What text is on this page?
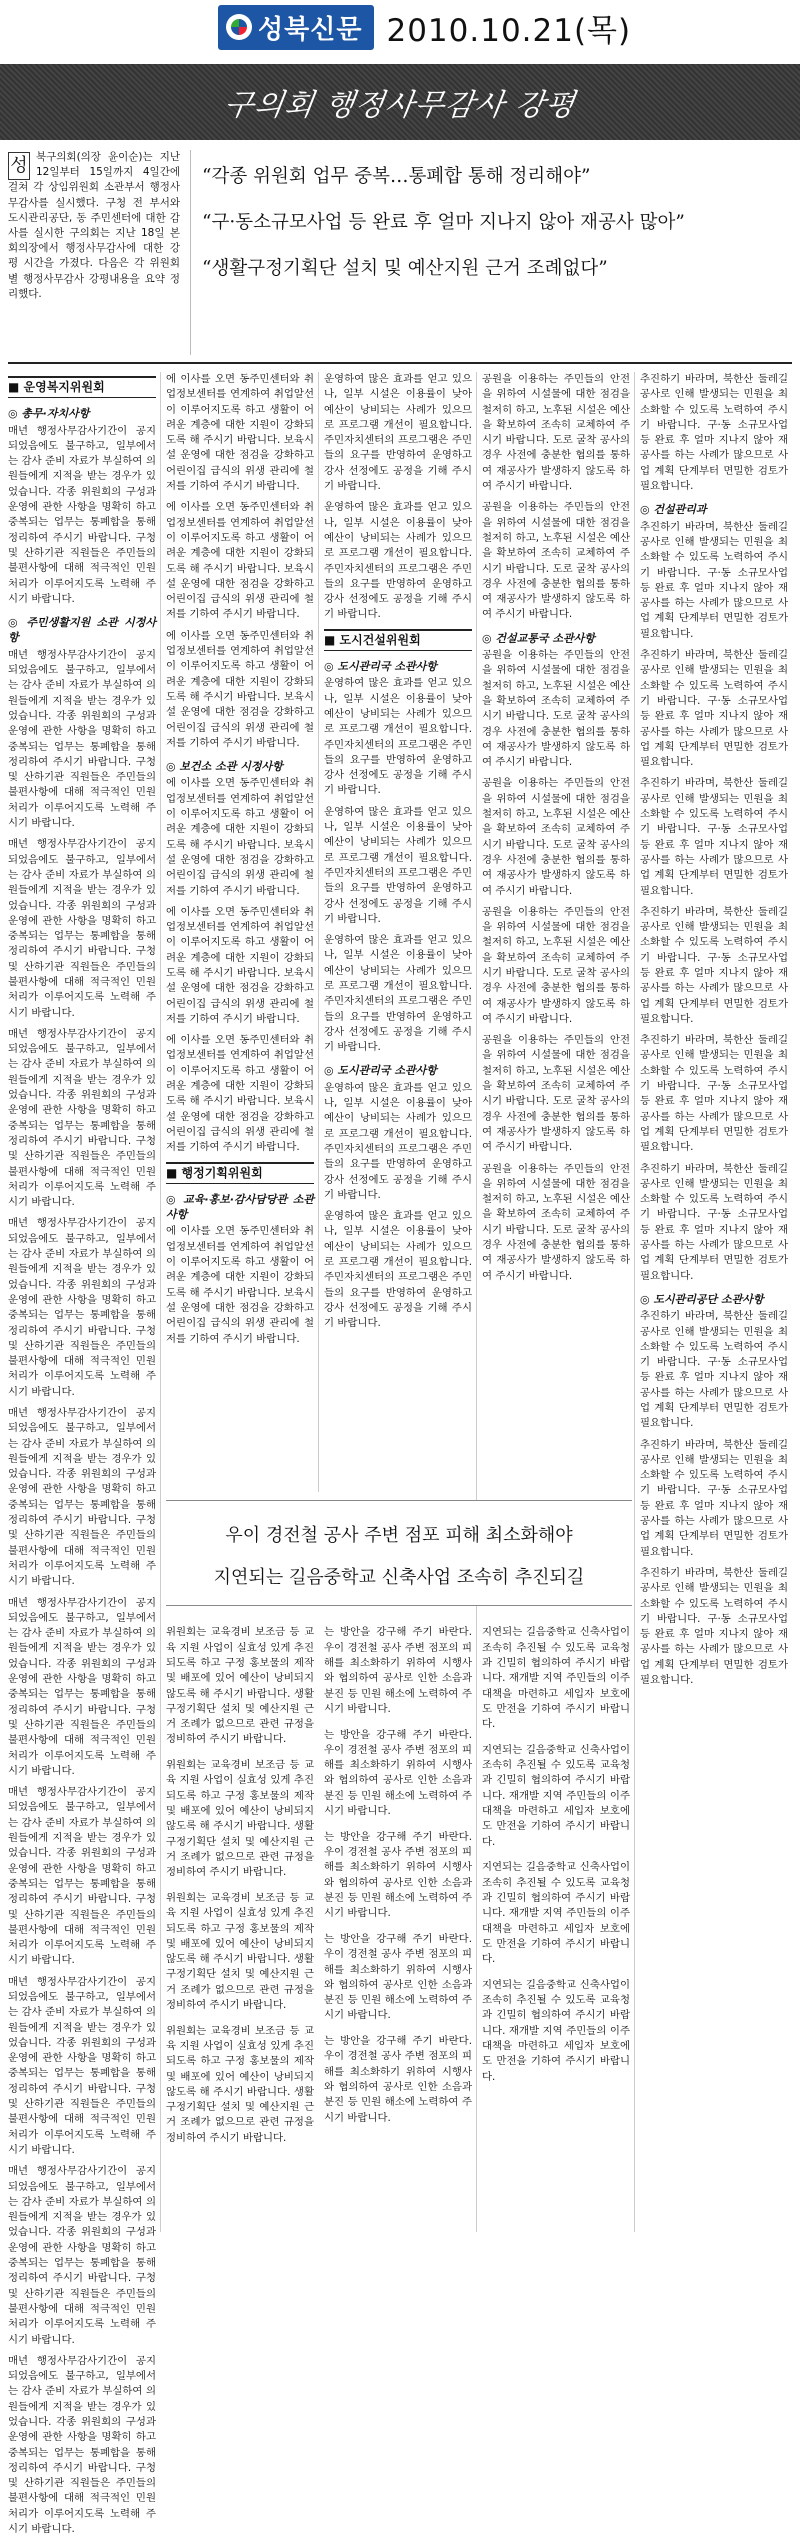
성북신문 2010.10.21(목)
구의회 행정사무감사 강평
성 북구의회(의장 윤이순)는 지난 12일부터 15일까지 4일간에 걸쳐 각 상임위원회 소관부서 행정사무감사를 실시했다. 구청 전 부서와 도시관리공단, 동 주민센터에 대한 감사를 실시한 구의회는 지난 18일 본회의장에서 행정사무감사에 대한 강평 시간을 가졌다. 다음은 각 위원회별 행정사무감사 강평내용을 요약 정리했다.
“각종 위원회 업무 중복…통폐합 통해 정리해야”
“구·동소규모사업 등 완료 후 얼마 지나지 않아 재공사 많아”
“생활구정기획단 설치 및 예산지원 근거 조례없다”
■ 운영복지위원회
◎ 총무·자치사항

매년 행정사무감사기간이 공지 되었음에도 불구하고, 일부에서는 감사 준비 자료가 부실하여 의원들에게 지적을 받는 경우가 있었습니다. 각종 위원회의 구성과 운영에 관한 사항을 명확히 하고 중복되는 업무는 통폐합을 통해 정리하여 주시기 바랍니다. 구청 및 산하기관 직원들은 주민들의 불편사항에 대해 적극적인 민원 처리가 이루어지도록 노력해 주시기 바랍니다.

◎ 주민생활지원 소관 시정사항

매년 행정사무감사기간이 공지 되었음에도 불구하고, 일부에서는 감사 준비 자료가 부실하여 의원들에게 지적을 받는 경우가 있었습니다. 각종 위원회의 구성과 운영에 관한 사항을 명확히 하고 중복되는 업무는 통폐합을 통해 정리하여 주시기 바랍니다. 구청 및 산하기관 직원들은 주민들의 불편사항에 대해 적극적인 민원 처리가 이루어지도록 노력해 주시기 바랍니다.

매년 행정사무감사기간이 공지 되었음에도 불구하고, 일부에서는 감사 준비 자료가 부실하여 의원들에게 지적을 받는 경우가 있었습니다. 각종 위원회의 구성과 운영에 관한 사항을 명확히 하고 중복되는 업무는 통폐합을 통해 정리하여 주시기 바랍니다. 구청 및 산하기관 직원들은 주민들의 불편사항에 대해 적극적인 민원 처리가 이루어지도록 노력해 주시기 바랍니다.

매년 행정사무감사기간이 공지 되었음에도 불구하고, 일부에서는 감사 준비 자료가 부실하여 의원들에게 지적을 받는 경우가 있었습니다. 각종 위원회의 구성과 운영에 관한 사항을 명확히 하고 중복되는 업무는 통폐합을 통해 정리하여 주시기 바랍니다. 구청 및 산하기관 직원들은 주민들의 불편사항에 대해 적극적인 민원 처리가 이루어지도록 노력해 주시기 바랍니다.

매년 행정사무감사기간이 공지 되었음에도 불구하고, 일부에서는 감사 준비 자료가 부실하여 의원들에게 지적을 받는 경우가 있었습니다. 각종 위원회의 구성과 운영에 관한 사항을 명확히 하고 중복되는 업무는 통폐합을 통해 정리하여 주시기 바랍니다. 구청 및 산하기관 직원들은 주민들의 불편사항에 대해 적극적인 민원 처리가 이루어지도록 노력해 주시기 바랍니다.

매년 행정사무감사기간이 공지 되었음에도 불구하고, 일부에서는 감사 준비 자료가 부실하여 의원들에게 지적을 받는 경우가 있었습니다. 각종 위원회의 구성과 운영에 관한 사항을 명확히 하고 중복되는 업무는 통폐합을 통해 정리하여 주시기 바랍니다. 구청 및 산하기관 직원들은 주민들의 불편사항에 대해 적극적인 민원 처리가 이루어지도록 노력해 주시기 바랍니다.

매년 행정사무감사기간이 공지 되었음에도 불구하고, 일부에서는 감사 준비 자료가 부실하여 의원들에게 지적을 받는 경우가 있었습니다. 각종 위원회의 구성과 운영에 관한 사항을 명확히 하고 중복되는 업무는 통폐합을 통해 정리하여 주시기 바랍니다. 구청 및 산하기관 직원들은 주민들의 불편사항에 대해 적극적인 민원 처리가 이루어지도록 노력해 주시기 바랍니다.

매년 행정사무감사기간이 공지 되었음에도 불구하고, 일부에서는 감사 준비 자료가 부실하여 의원들에게 지적을 받는 경우가 있었습니다. 각종 위원회의 구성과 운영에 관한 사항을 명확히 하고 중복되는 업무는 통폐합을 통해 정리하여 주시기 바랍니다. 구청 및 산하기관 직원들은 주민들의 불편사항에 대해 적극적인 민원 처리가 이루어지도록 노력해 주시기 바랍니다.

매년 행정사무감사기간이 공지 되었음에도 불구하고, 일부에서는 감사 준비 자료가 부실하여 의원들에게 지적을 받는 경우가 있었습니다. 각종 위원회의 구성과 운영에 관한 사항을 명확히 하고 중복되는 업무는 통폐합을 통해 정리하여 주시기 바랍니다. 구청 및 산하기관 직원들은 주민들의 불편사항에 대해 적극적인 민원 처리가 이루어지도록 노력해 주시기 바랍니다.

매년 행정사무감사기간이 공지 되었음에도 불구하고, 일부에서는 감사 준비 자료가 부실하여 의원들에게 지적을 받는 경우가 있었습니다. 각종 위원회의 구성과 운영에 관한 사항을 명확히 하고 중복되는 업무는 통폐합을 통해 정리하여 주시기 바랍니다. 구청 및 산하기관 직원들은 주민들의 불편사항에 대해 적극적인 민원 처리가 이루어지도록 노력해 주시기 바랍니다.

매년 행정사무감사기간이 공지 되었음에도 불구하고, 일부에서는 감사 준비 자료가 부실하여 의원들에게 지적을 받는 경우가 있었습니다. 각종 위원회의 구성과 운영에 관한 사항을 명확히 하고 중복되는 업무는 통폐합을 통해 정리하여 주시기 바랍니다. 구청 및 산하기관 직원들은 주민들의 불편사항에 대해 적극적인 민원 처리가 이루어지도록 노력해 주시기 바랍니다.

에 이사를 오면 동주민센터와 취업정보센터를 연계하여 취업알선이 이루어지도록 하고 생활이 어려운 계층에 대한 지원이 강화되도록 해 주시기 바랍니다. 보육시설 운영에 대한 점검을 강화하고 어린이집 급식의 위생 관리에 철저를 기하여 주시기 바랍니다.

에 이사를 오면 동주민센터와 취업정보센터를 연계하여 취업알선이 이루어지도록 하고 생활이 어려운 계층에 대한 지원이 강화되도록 해 주시기 바랍니다. 보육시설 운영에 대한 점검을 강화하고 어린이집 급식의 위생 관리에 철저를 기하여 주시기 바랍니다.

에 이사를 오면 동주민센터와 취업정보센터를 연계하여 취업알선이 이루어지도록 하고 생활이 어려운 계층에 대한 지원이 강화되도록 해 주시기 바랍니다. 보육시설 운영에 대한 점검을 강화하고 어린이집 급식의 위생 관리에 철저를 기하여 주시기 바랍니다.

◎ 보건소 소관 시정사항

에 이사를 오면 동주민센터와 취업정보센터를 연계하여 취업알선이 이루어지도록 하고 생활이 어려운 계층에 대한 지원이 강화되도록 해 주시기 바랍니다. 보육시설 운영에 대한 점검을 강화하고 어린이집 급식의 위생 관리에 철저를 기하여 주시기 바랍니다.

에 이사를 오면 동주민센터와 취업정보센터를 연계하여 취업알선이 이루어지도록 하고 생활이 어려운 계층에 대한 지원이 강화되도록 해 주시기 바랍니다. 보육시설 운영에 대한 점검을 강화하고 어린이집 급식의 위생 관리에 철저를 기하여 주시기 바랍니다.

에 이사를 오면 동주민센터와 취업정보센터를 연계하여 취업알선이 이루어지도록 하고 생활이 어려운 계층에 대한 지원이 강화되도록 해 주시기 바랍니다. 보육시설 운영에 대한 점검을 강화하고 어린이집 급식의 위생 관리에 철저를 기하여 주시기 바랍니다.

■ 행정기획위원회
◎ 교육·홍보·감사담당관 소관사항

에 이사를 오면 동주민센터와 취업정보센터를 연계하여 취업알선이 이루어지도록 하고 생활이 어려운 계층에 대한 지원이 강화되도록 해 주시기 바랍니다. 보육시설 운영에 대한 점검을 강화하고 어린이집 급식의 위생 관리에 철저를 기하여 주시기 바랍니다.

운영하여 많은 효과를 얻고 있으나, 일부 시설은 이용률이 낮아 예산이 낭비되는 사례가 있으므로 프로그램 개선이 필요합니다. 주민자치센터의 프로그램은 주민들의 요구를 반영하여 운영하고 강사 선정에도 공정을 기해 주시기 바랍니다.

운영하여 많은 효과를 얻고 있으나, 일부 시설은 이용률이 낮아 예산이 낭비되는 사례가 있으므로 프로그램 개선이 필요합니다. 주민자치센터의 프로그램은 주민들의 요구를 반영하여 운영하고 강사 선정에도 공정을 기해 주시기 바랍니다.

■ 도시건설위원회
◎ 도시관리국 소관사항

운영하여 많은 효과를 얻고 있으나, 일부 시설은 이용률이 낮아 예산이 낭비되는 사례가 있으므로 프로그램 개선이 필요합니다. 주민자치센터의 프로그램은 주민들의 요구를 반영하여 운영하고 강사 선정에도 공정을 기해 주시기 바랍니다.

운영하여 많은 효과를 얻고 있으나, 일부 시설은 이용률이 낮아 예산이 낭비되는 사례가 있으므로 프로그램 개선이 필요합니다. 주민자치센터의 프로그램은 주민들의 요구를 반영하여 운영하고 강사 선정에도 공정을 기해 주시기 바랍니다.

운영하여 많은 효과를 얻고 있으나, 일부 시설은 이용률이 낮아 예산이 낭비되는 사례가 있으므로 프로그램 개선이 필요합니다. 주민자치센터의 프로그램은 주민들의 요구를 반영하여 운영하고 강사 선정에도 공정을 기해 주시기 바랍니다.

◎ 도시관리국 소관사항

운영하여 많은 효과를 얻고 있으나, 일부 시설은 이용률이 낮아 예산이 낭비되는 사례가 있으므로 프로그램 개선이 필요합니다. 주민자치센터의 프로그램은 주민들의 요구를 반영하여 운영하고 강사 선정에도 공정을 기해 주시기 바랍니다.

운영하여 많은 효과를 얻고 있으나, 일부 시설은 이용률이 낮아 예산이 낭비되는 사례가 있으므로 프로그램 개선이 필요합니다. 주민자치센터의 프로그램은 주민들의 요구를 반영하여 운영하고 강사 선정에도 공정을 기해 주시기 바랍니다.

공원을 이용하는 주민들의 안전을 위하여 시설물에 대한 점검을 철저히 하고, 노후된 시설은 예산을 확보하여 조속히 교체하여 주시기 바랍니다. 도로 굴착 공사의 경우 사전에 충분한 협의를 통하여 재공사가 발생하지 않도록 하여 주시기 바랍니다.

공원을 이용하는 주민들의 안전을 위하여 시설물에 대한 점검을 철저히 하고, 노후된 시설은 예산을 확보하여 조속히 교체하여 주시기 바랍니다. 도로 굴착 공사의 경우 사전에 충분한 협의를 통하여 재공사가 발생하지 않도록 하여 주시기 바랍니다.

◎ 건설교통국 소관사항

공원을 이용하는 주민들의 안전을 위하여 시설물에 대한 점검을 철저히 하고, 노후된 시설은 예산을 확보하여 조속히 교체하여 주시기 바랍니다. 도로 굴착 공사의 경우 사전에 충분한 협의를 통하여 재공사가 발생하지 않도록 하여 주시기 바랍니다.

공원을 이용하는 주민들의 안전을 위하여 시설물에 대한 점검을 철저히 하고, 노후된 시설은 예산을 확보하여 조속히 교체하여 주시기 바랍니다. 도로 굴착 공사의 경우 사전에 충분한 협의를 통하여 재공사가 발생하지 않도록 하여 주시기 바랍니다.

공원을 이용하는 주민들의 안전을 위하여 시설물에 대한 점검을 철저히 하고, 노후된 시설은 예산을 확보하여 조속히 교체하여 주시기 바랍니다. 도로 굴착 공사의 경우 사전에 충분한 협의를 통하여 재공사가 발생하지 않도록 하여 주시기 바랍니다.

공원을 이용하는 주민들의 안전을 위하여 시설물에 대한 점검을 철저히 하고, 노후된 시설은 예산을 확보하여 조속히 교체하여 주시기 바랍니다. 도로 굴착 공사의 경우 사전에 충분한 협의를 통하여 재공사가 발생하지 않도록 하여 주시기 바랍니다.

공원을 이용하는 주민들의 안전을 위하여 시설물에 대한 점검을 철저히 하고, 노후된 시설은 예산을 확보하여 조속히 교체하여 주시기 바랍니다. 도로 굴착 공사의 경우 사전에 충분한 협의를 통하여 재공사가 발생하지 않도록 하여 주시기 바랍니다.

추진하기 바라며, 북한산 둘레길 공사로 인해 발생되는 민원을 최소화할 수 있도록 노력하여 주시기 바랍니다. 구·동 소규모사업 등 완료 후 얼마 지나지 않아 재공사를 하는 사례가 많으므로 사업 계획 단계부터 면밀한 검토가 필요합니다.

◎ 건설관리과

추진하기 바라며, 북한산 둘레길 공사로 인해 발생되는 민원을 최소화할 수 있도록 노력하여 주시기 바랍니다. 구·동 소규모사업 등 완료 후 얼마 지나지 않아 재공사를 하는 사례가 많으므로 사업 계획 단계부터 면밀한 검토가 필요합니다.

추진하기 바라며, 북한산 둘레길 공사로 인해 발생되는 민원을 최소화할 수 있도록 노력하여 주시기 바랍니다. 구·동 소규모사업 등 완료 후 얼마 지나지 않아 재공사를 하는 사례가 많으므로 사업 계획 단계부터 면밀한 검토가 필요합니다.

추진하기 바라며, 북한산 둘레길 공사로 인해 발생되는 민원을 최소화할 수 있도록 노력하여 주시기 바랍니다. 구·동 소규모사업 등 완료 후 얼마 지나지 않아 재공사를 하는 사례가 많으므로 사업 계획 단계부터 면밀한 검토가 필요합니다.

추진하기 바라며, 북한산 둘레길 공사로 인해 발생되는 민원을 최소화할 수 있도록 노력하여 주시기 바랍니다. 구·동 소규모사업 등 완료 후 얼마 지나지 않아 재공사를 하는 사례가 많으므로 사업 계획 단계부터 면밀한 검토가 필요합니다.

추진하기 바라며, 북한산 둘레길 공사로 인해 발생되는 민원을 최소화할 수 있도록 노력하여 주시기 바랍니다. 구·동 소규모사업 등 완료 후 얼마 지나지 않아 재공사를 하는 사례가 많으므로 사업 계획 단계부터 면밀한 검토가 필요합니다.

추진하기 바라며, 북한산 둘레길 공사로 인해 발생되는 민원을 최소화할 수 있도록 노력하여 주시기 바랍니다. 구·동 소규모사업 등 완료 후 얼마 지나지 않아 재공사를 하는 사례가 많으므로 사업 계획 단계부터 면밀한 검토가 필요합니다.

◎ 도시관리공단 소관사항

추진하기 바라며, 북한산 둘레길 공사로 인해 발생되는 민원을 최소화할 수 있도록 노력하여 주시기 바랍니다. 구·동 소규모사업 등 완료 후 얼마 지나지 않아 재공사를 하는 사례가 많으므로 사업 계획 단계부터 면밀한 검토가 필요합니다.

추진하기 바라며, 북한산 둘레길 공사로 인해 발생되는 민원을 최소화할 수 있도록 노력하여 주시기 바랍니다. 구·동 소규모사업 등 완료 후 얼마 지나지 않아 재공사를 하는 사례가 많으므로 사업 계획 단계부터 면밀한 검토가 필요합니다.

추진하기 바라며, 북한산 둘레길 공사로 인해 발생되는 민원을 최소화할 수 있도록 노력하여 주시기 바랍니다. 구·동 소규모사업 등 완료 후 얼마 지나지 않아 재공사를 하는 사례가 많으므로 사업 계획 단계부터 면밀한 검토가 필요합니다.

우이 경전철 공사 주변 점포 피해 최소화해야
지연되는 길음중학교 신축사업 조속히 추진되길

위원회는 교육경비 보조금 등 교육 지원 사업이 실효성 있게 추진되도록 하고 구정 홍보물의 제작 및 배포에 있어 예산이 낭비되지 않도록 해 주시기 바랍니다. 생활구정기획단 설치 및 예산지원 근거 조례가 없으므로 관련 규정을 정비하여 주시기 바랍니다.

위원회는 교육경비 보조금 등 교육 지원 사업이 실효성 있게 추진되도록 하고 구정 홍보물의 제작 및 배포에 있어 예산이 낭비되지 않도록 해 주시기 바랍니다. 생활구정기획단 설치 및 예산지원 근거 조례가 없으므로 관련 규정을 정비하여 주시기 바랍니다.

위원회는 교육경비 보조금 등 교육 지원 사업이 실효성 있게 추진되도록 하고 구정 홍보물의 제작 및 배포에 있어 예산이 낭비되지 않도록 해 주시기 바랍니다. 생활구정기획단 설치 및 예산지원 근거 조례가 없으므로 관련 규정을 정비하여 주시기 바랍니다.

위원회는 교육경비 보조금 등 교육 지원 사업이 실효성 있게 추진되도록 하고 구정 홍보물의 제작 및 배포에 있어 예산이 낭비되지 않도록 해 주시기 바랍니다. 생활구정기획단 설치 및 예산지원 근거 조례가 없으므로 관련 규정을 정비하여 주시기 바랍니다.

는 방안을 강구해 주기 바란다. 우이 경전철 공사 주변 점포의 피해를 최소화하기 위하여 시행사와 협의하여 공사로 인한 소음과 분진 등 민원 해소에 노력하여 주시기 바랍니다.

는 방안을 강구해 주기 바란다. 우이 경전철 공사 주변 점포의 피해를 최소화하기 위하여 시행사와 협의하여 공사로 인한 소음과 분진 등 민원 해소에 노력하여 주시기 바랍니다.

는 방안을 강구해 주기 바란다. 우이 경전철 공사 주변 점포의 피해를 최소화하기 위하여 시행사와 협의하여 공사로 인한 소음과 분진 등 민원 해소에 노력하여 주시기 바랍니다.

는 방안을 강구해 주기 바란다. 우이 경전철 공사 주변 점포의 피해를 최소화하기 위하여 시행사와 협의하여 공사로 인한 소음과 분진 등 민원 해소에 노력하여 주시기 바랍니다.

는 방안을 강구해 주기 바란다. 우이 경전철 공사 주변 점포의 피해를 최소화하기 위하여 시행사와 협의하여 공사로 인한 소음과 분진 등 민원 해소에 노력하여 주시기 바랍니다.

지연되는 길음중학교 신축사업이 조속히 추진될 수 있도록 교육청과 긴밀히 협의하여 주시기 바랍니다. 재개발 지역 주민들의 이주 대책을 마련하고 세입자 보호에도 만전을 기하여 주시기 바랍니다.

지연되는 길음중학교 신축사업이 조속히 추진될 수 있도록 교육청과 긴밀히 협의하여 주시기 바랍니다. 재개발 지역 주민들의 이주 대책을 마련하고 세입자 보호에도 만전을 기하여 주시기 바랍니다.

지연되는 길음중학교 신축사업이 조속히 추진될 수 있도록 교육청과 긴밀히 협의하여 주시기 바랍니다. 재개발 지역 주민들의 이주 대책을 마련하고 세입자 보호에도 만전을 기하여 주시기 바랍니다.

지연되는 길음중학교 신축사업이 조속히 추진될 수 있도록 교육청과 긴밀히 협의하여 주시기 바랍니다. 재개발 지역 주민들의 이주 대책을 마련하고 세입자 보호에도 만전을 기하여 주시기 바랍니다.
